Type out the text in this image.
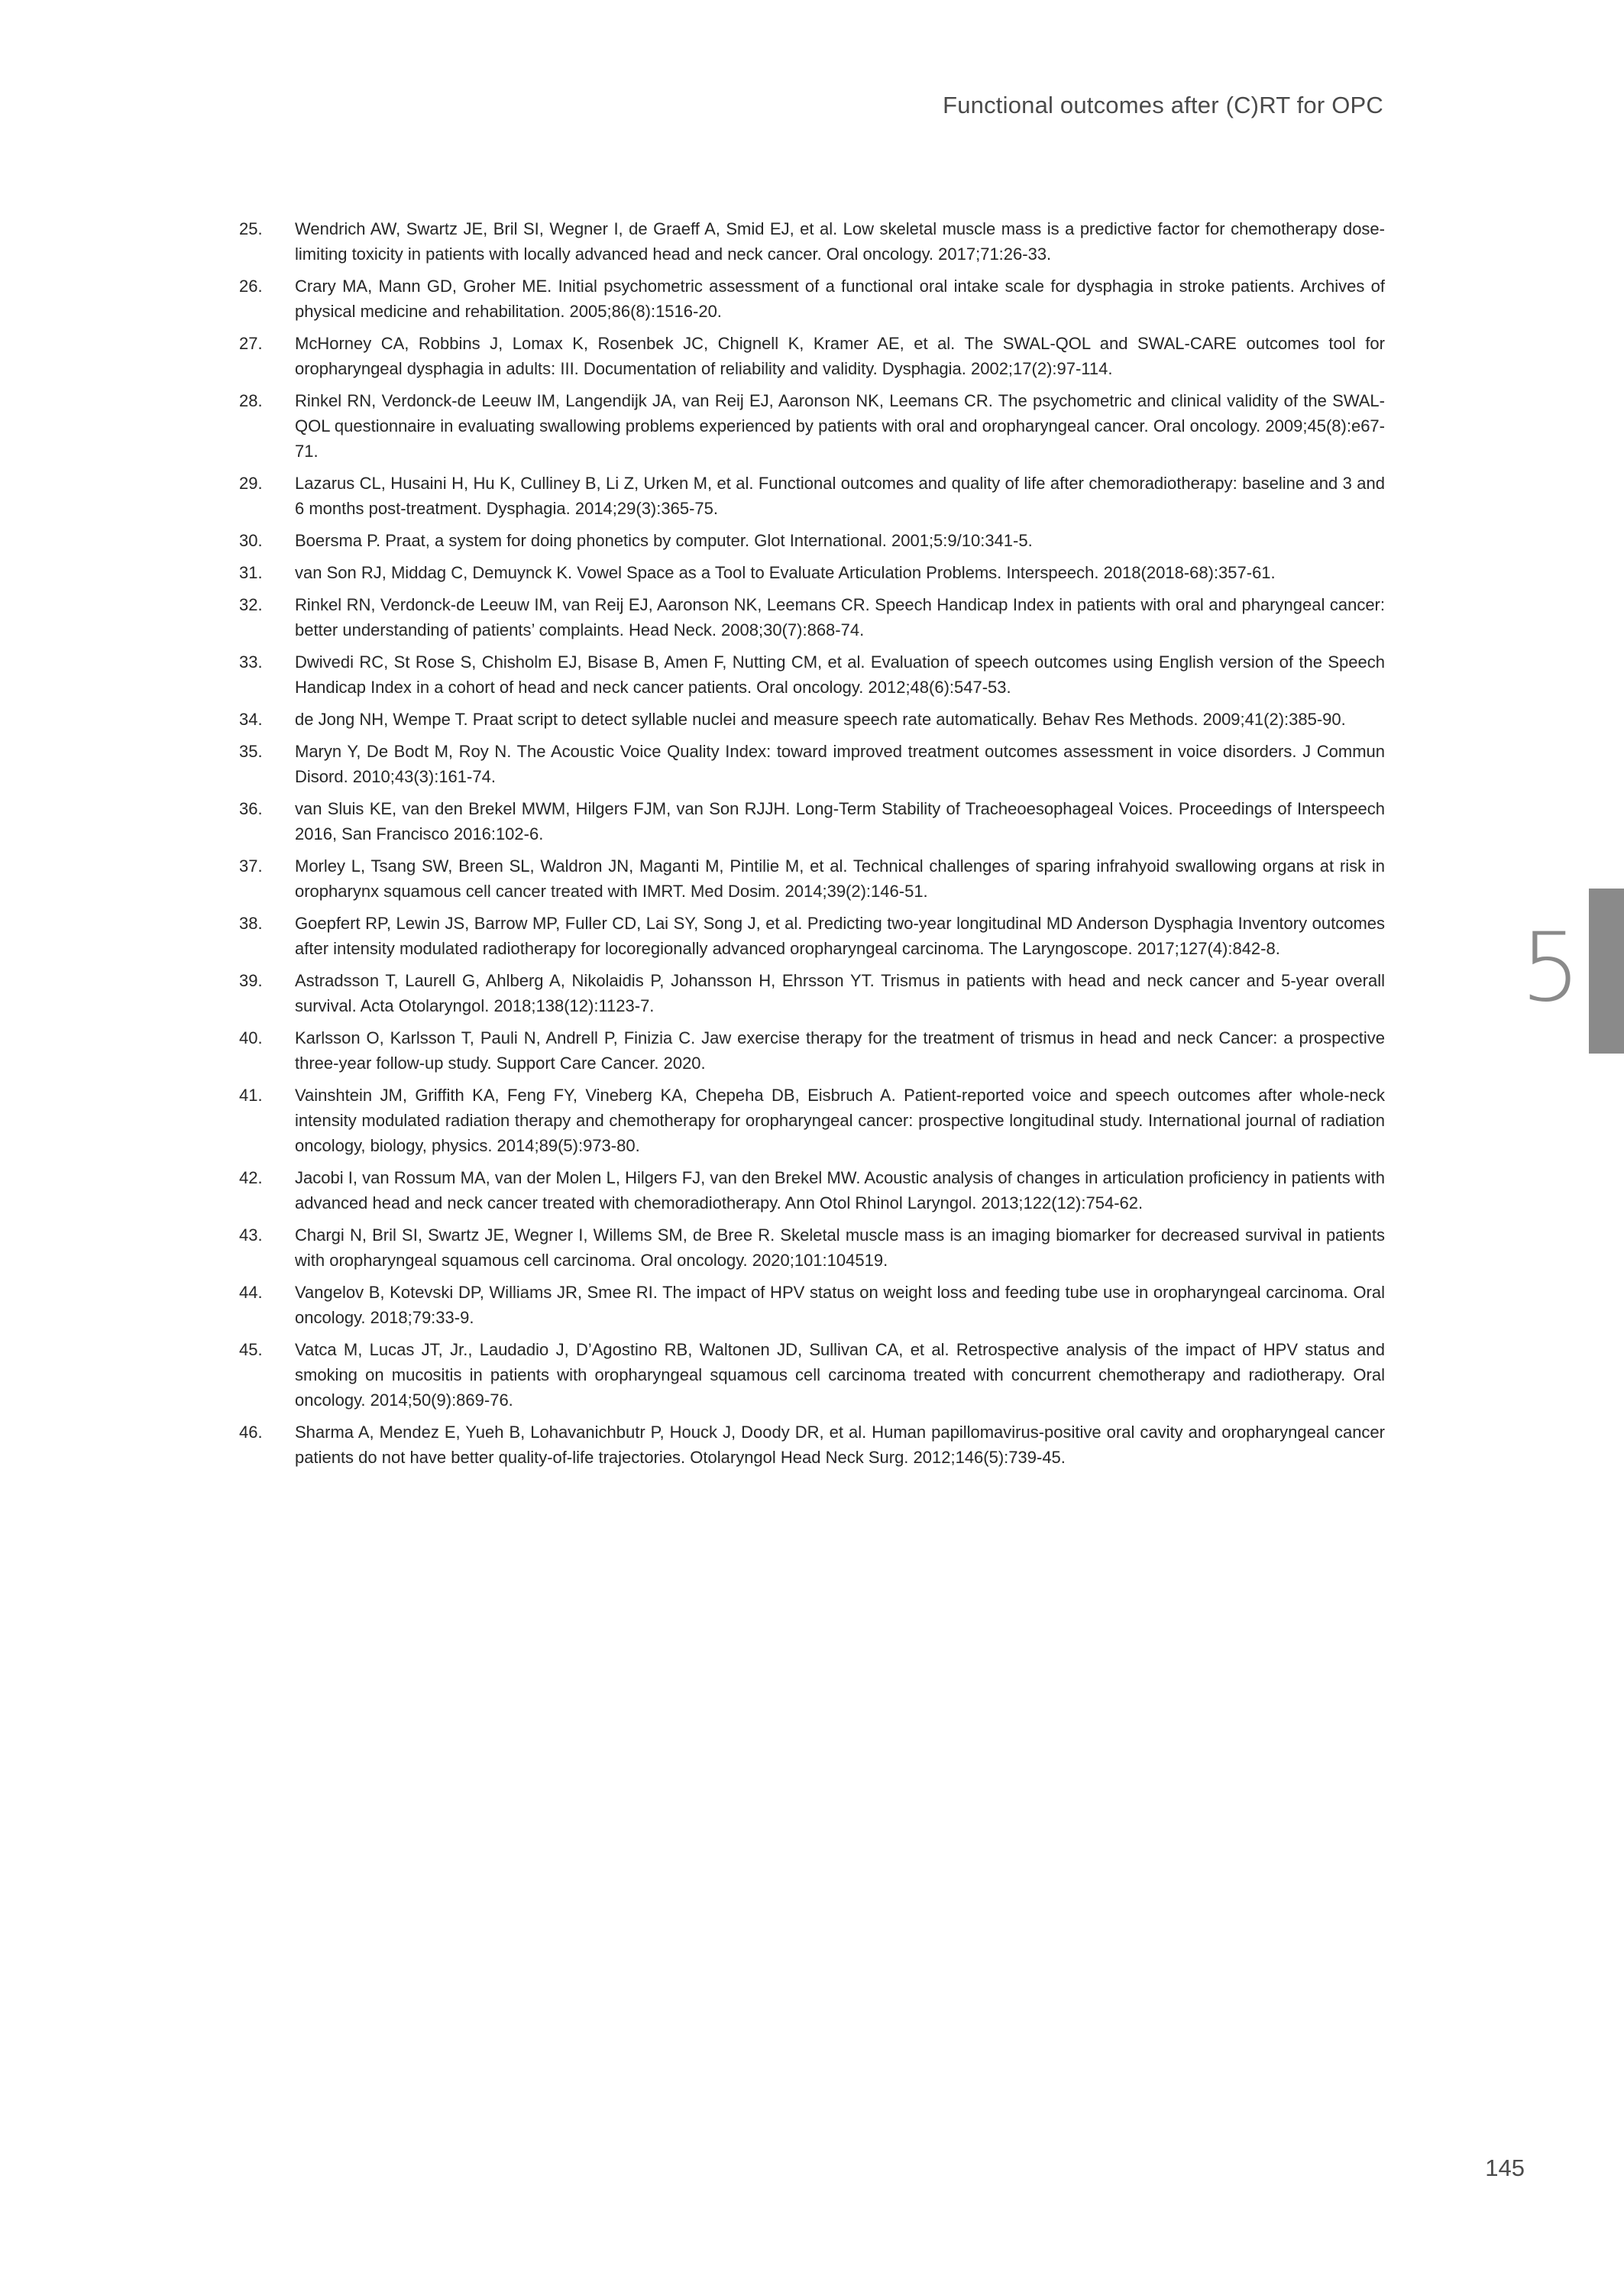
Functional outcomes after (C)RT for OPC
5
25. Wendrich AW, Swartz JE, Bril SI, Wegner I, de Graeff A, Smid EJ, et al. Low skeletal muscle mass is a predictive factor for chemotherapy dose-limiting toxicity in patients with locally advanced head and neck cancer. Oral oncology. 2017;71:26-33.
26. Crary MA, Mann GD, Groher ME. Initial psychometric assessment of a functional oral intake scale for dysphagia in stroke patients. Archives of physical medicine and rehabilitation. 2005;86(8):1516-20.
27. McHorney CA, Robbins J, Lomax K, Rosenbek JC, Chignell K, Kramer AE, et al. The SWAL-QOL and SWAL-CARE outcomes tool for oropharyngeal dysphagia in adults: III. Documentation of reliability and validity. Dysphagia. 2002;17(2):97-114.
28. Rinkel RN, Verdonck-de Leeuw IM, Langendijk JA, van Reij EJ, Aaronson NK, Leemans CR. The psychometric and clinical validity of the SWAL-QOL questionnaire in evaluating swallowing problems experienced by patients with oral and oropharyngeal cancer. Oral oncology. 2009;45(8):e67-71.
29. Lazarus CL, Husaini H, Hu K, Culliney B, Li Z, Urken M, et al. Functional outcomes and quality of life after chemoradiotherapy: baseline and 3 and 6 months post-treatment. Dysphagia. 2014;29(3):365-75.
30. Boersma P. Praat, a system for doing phonetics by computer. Glot International. 2001;5:9/10:341-5.
31. van Son RJ, Middag C, Demuynck K. Vowel Space as a Tool to Evaluate Articulation Problems. Interspeech. 2018(2018-68):357-61.
32. Rinkel RN, Verdonck-de Leeuw IM, van Reij EJ, Aaronson NK, Leemans CR. Speech Handicap Index in patients with oral and pharyngeal cancer: better understanding of patients’ complaints. Head Neck. 2008;30(7):868-74.
33. Dwivedi RC, St Rose S, Chisholm EJ, Bisase B, Amen F, Nutting CM, et al. Evaluation of speech outcomes using English version of the Speech Handicap Index in a cohort of head and neck cancer patients. Oral oncology. 2012;48(6):547-53.
34. de Jong NH, Wempe T. Praat script to detect syllable nuclei and measure speech rate automatically. Behav Res Methods. 2009;41(2):385-90.
35. Maryn Y, De Bodt M, Roy N. The Acoustic Voice Quality Index: toward improved treatment outcomes assessment in voice disorders. J Commun Disord. 2010;43(3):161-74.
36. van Sluis KE, van den Brekel MWM, Hilgers FJM, van Son RJJH. Long-Term Stability of Tracheoesophageal Voices. Proceedings of Interspeech 2016, San Francisco 2016:102-6.
37. Morley L, Tsang SW, Breen SL, Waldron JN, Maganti M, Pintilie M, et al. Technical challenges of sparing infrahyoid swallowing organs at risk in oropharynx squamous cell cancer treated with IMRT. Med Dosim. 2014;39(2):146-51.
38. Goepfert RP, Lewin JS, Barrow MP, Fuller CD, Lai SY, Song J, et al. Predicting two-year longitudinal MD Anderson Dysphagia Inventory outcomes after intensity modulated radiotherapy for locoregionally advanced oropharyngeal carcinoma. The Laryngoscope. 2017;127(4):842-8.
39. Astradsson T, Laurell G, Ahlberg A, Nikolaidis P, Johansson H, Ehrsson YT. Trismus in patients with head and neck cancer and 5-year overall survival. Acta Otolaryngol. 2018;138(12):1123-7.
40. Karlsson O, Karlsson T, Pauli N, Andrell P, Finizia C. Jaw exercise therapy for the treatment of trismus in head and neck Cancer: a prospective three-year follow-up study. Support Care Cancer. 2020.
41. Vainshtein JM, Griffith KA, Feng FY, Vineberg KA, Chepeha DB, Eisbruch A. Patient-reported voice and speech outcomes after whole-neck intensity modulated radiation therapy and chemotherapy for oropharyngeal cancer: prospective longitudinal study. International journal of radiation oncology, biology, physics. 2014;89(5):973-80.
42. Jacobi I, van Rossum MA, van der Molen L, Hilgers FJ, van den Brekel MW. Acoustic analysis of changes in articulation proficiency in patients with advanced head and neck cancer treated with chemoradiotherapy. Ann Otol Rhinol Laryngol. 2013;122(12):754-62.
43. Chargi N, Bril SI, Swartz JE, Wegner I, Willems SM, de Bree R. Skeletal muscle mass is an imaging biomarker for decreased survival in patients with oropharyngeal squamous cell carcinoma. Oral oncology. 2020;101:104519.
44. Vangelov B, Kotevski DP, Williams JR, Smee RI. The impact of HPV status on weight loss and feeding tube use in oropharyngeal carcinoma. Oral oncology. 2018;79:33-9.
45. Vatca M, Lucas JT, Jr., Laudadio J, D’Agostino RB, Waltonen JD, Sullivan CA, et al. Retrospective analysis of the impact of HPV status and smoking on mucositis in patients with oropharyngeal squamous cell carcinoma treated with concurrent chemotherapy and radiotherapy. Oral oncology. 2014;50(9):869-76.
46. Sharma A, Mendez E, Yueh B, Lohavanichbutr P, Houck J, Doody DR, et al. Human papillomavirus-positive oral cavity and oropharyngeal cancer patients do not have better quality-of-life trajectories. Otolaryngol Head Neck Surg. 2012;146(5):739-45.
145
